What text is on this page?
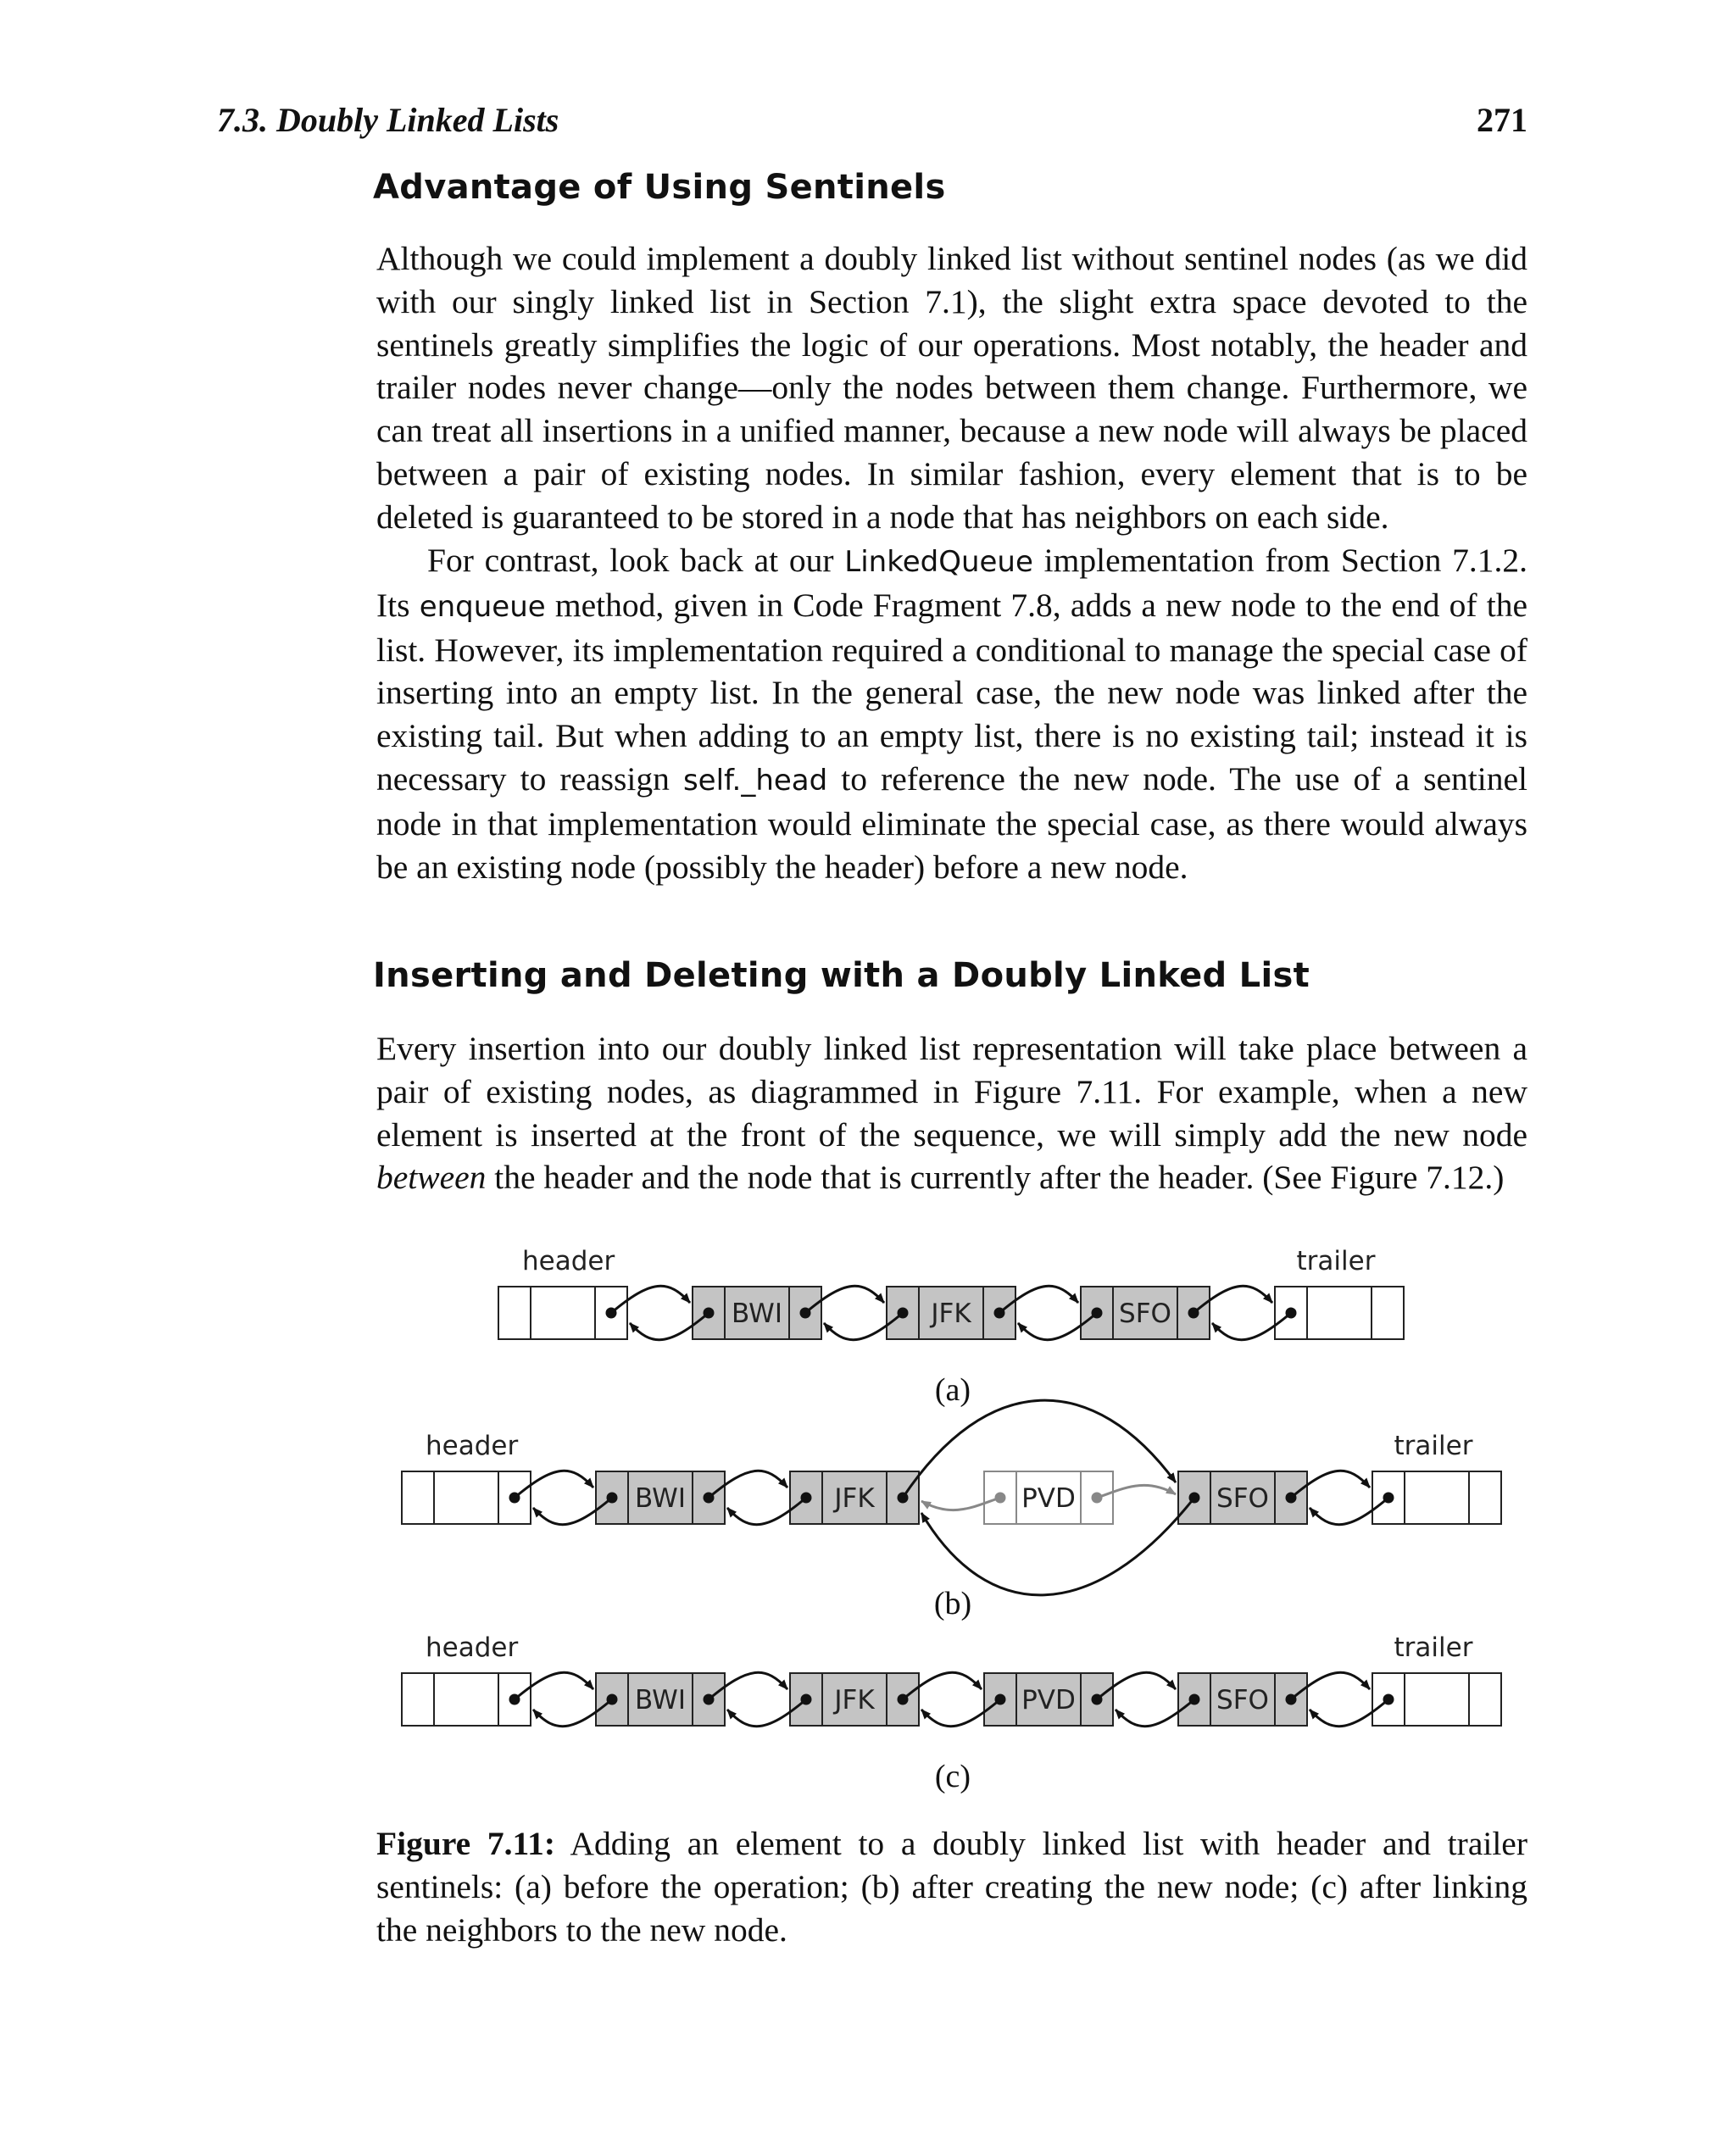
7.3. Doubly Linked Lists	271
Advantage of Using Sentinels

Although we could implement a doubly linked list without sentinel nodes (as we did with our singly linked list in Section 7.1), the slight extra space devoted to the sentinels greatly simplifies the logic of our operations. Most notably, the header and trailer nodes never change—only the nodes between them change. Furthermore, we can treat all insertions in a unified manner, because a new node will always be placed between a pair of existing nodes. In similar fashion, every element that is to be deleted is guaranteed to be stored in a node that has neighbors on each side.

For contrast, look back at our LinkedQueue implementation from Section 7.1.2. Its enqueue method, given in Code Fragment 7.8, adds a new node to the end of the list. However, its implementation required a conditional to manage the special case of inserting into an empty list. In the general case, the new node was linked after the existing tail. But when adding to an empty list, there is no existing tail; instead it is necessary to reassign self._head to reference the new node. The use of a sentinel node in that implementation would eliminate the special case, as there would always be an existing node (possibly the header) before a new node.

Inserting and Deleting with a Doubly Linked List

Every insertion into our doubly linked list representation will take place between a pair of existing nodes, as diagrammed in Figure 7.11. For example, when a new element is inserted at the front of the sequence, we will simply add the new node between the header and the node that is currently after the header. (See Figure 7.12.)

BWI	JFK	SFO
header	trailer
(a)
BWI	JFK	PVD	SFO
header	trailer
(b)
BWI	JFK	PVD	SFO
header	trailer
(c)

Figure 7.11: Adding an element to a doubly linked list with header and trailer sentinels: (a) before the operation; (b) after creating the new node; (c) after linking the neighbors to the new node.
